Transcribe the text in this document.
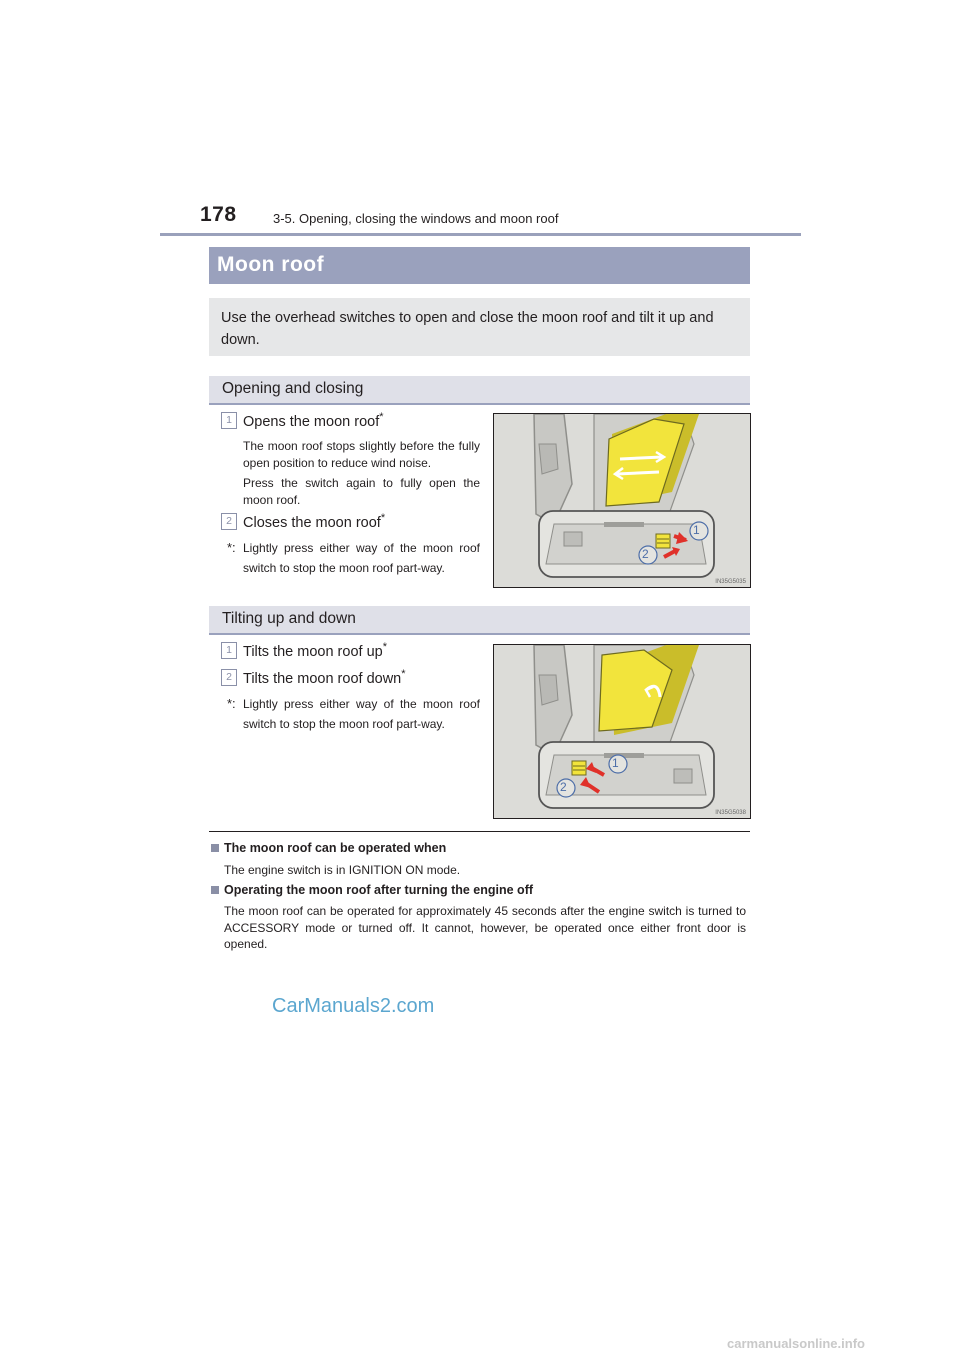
178	3-5. Opening, closing the windows and moon roof
Moon roof
Use the overhead switches to open and close the moon roof and tilt it up and down.
Opening and closing
1 Opens the moon roof*
The moon roof stops slightly before the fully open position to reduce wind noise.
Press the switch again to fully open the moon roof.
2 Closes the moon roof*
*: Lightly press either way of the moon roof switch to stop the moon roof part-way.
1
2
IN35G5035
Tilting up and down
1 Tilts the moon roof up*
2 Tilts the moon roof down*
*: Lightly press either way of the moon roof switch to stop the moon roof part-way.
1
2
IN35G5038
The moon roof can be operated when
The engine switch is in IGNITION ON mode.
Operating the moon roof after turning the engine off
The moon roof can be operated for approximately 45 seconds after the engine switch is turned to ACCESSORY mode or turned off. It cannot, however, be operated once either front door is opened.
CarManuals2.com
carmanualsonline.info
